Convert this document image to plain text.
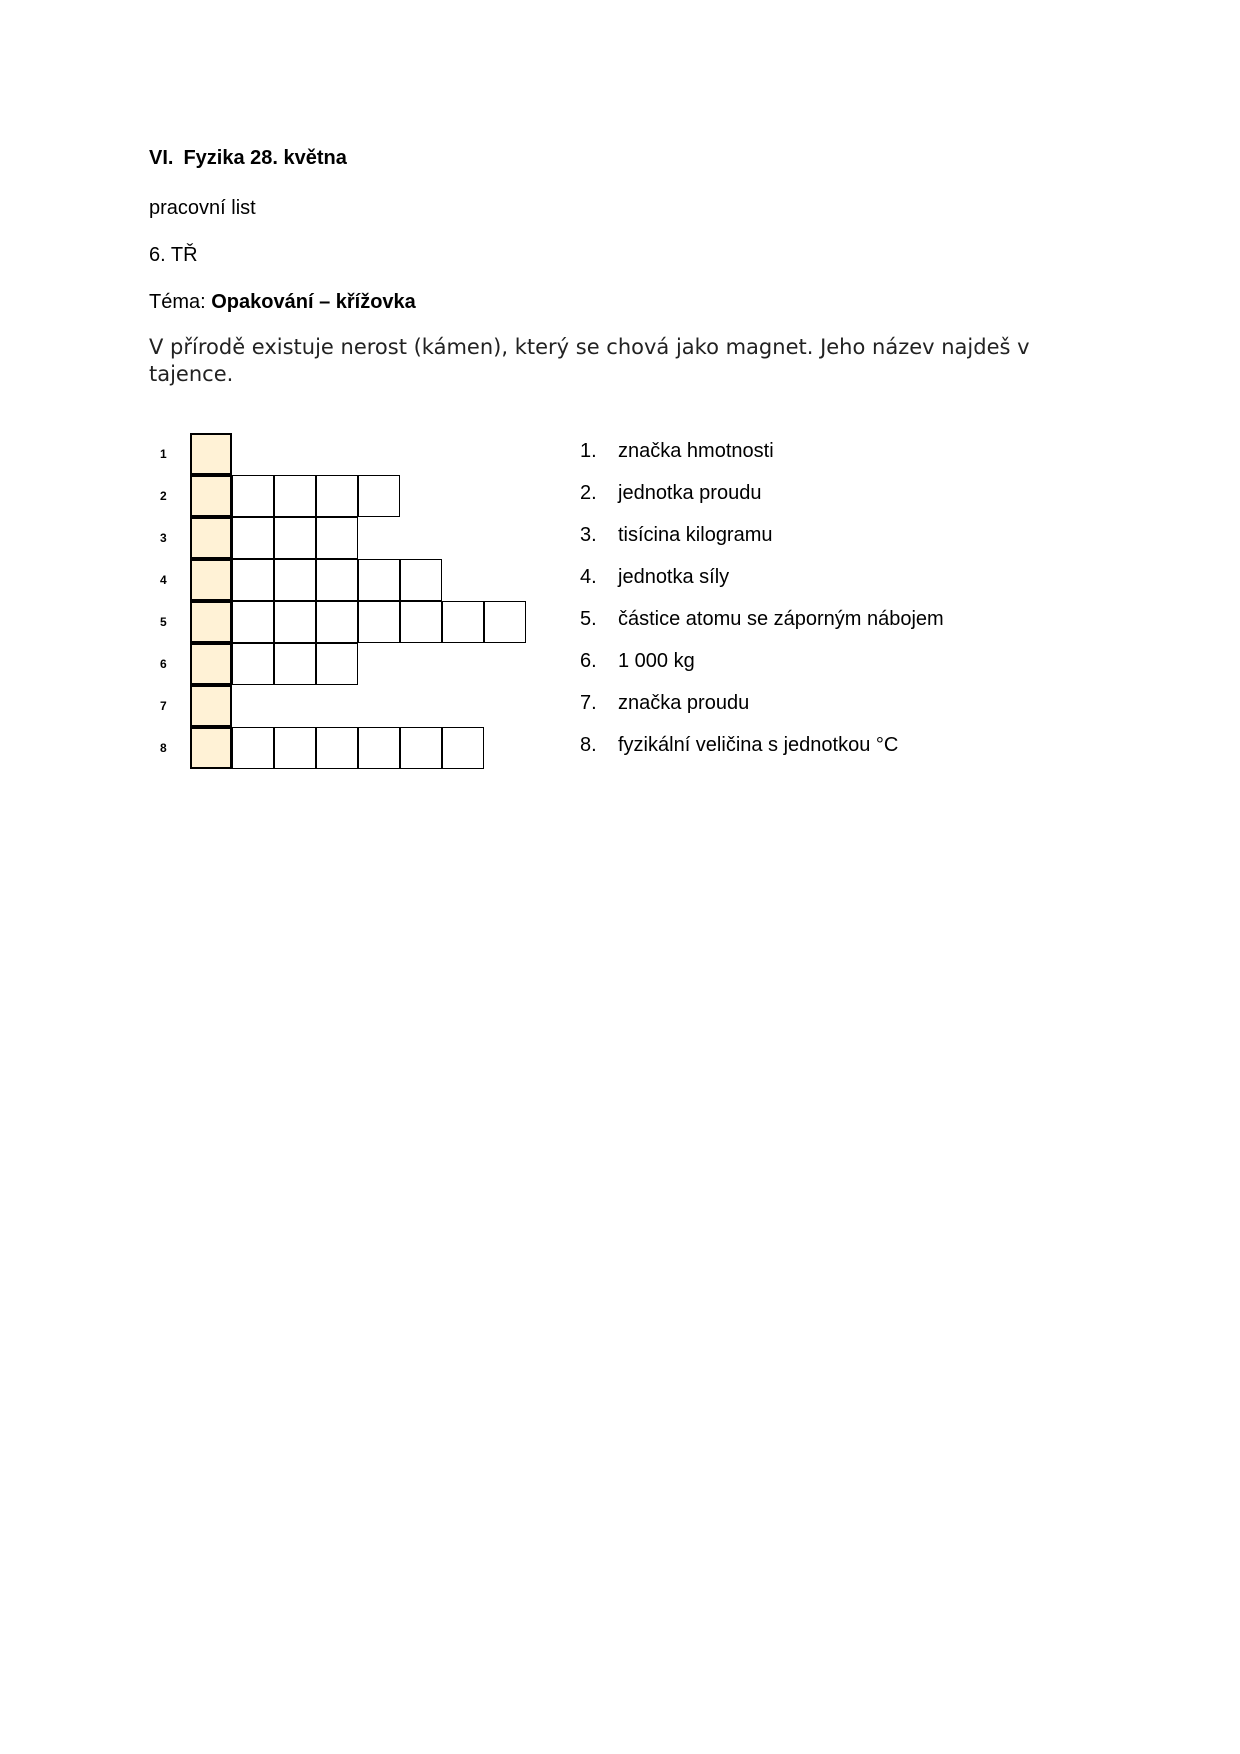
VI. Fyzika 28. května
pracovní list
6. TŘ
Téma: Opakování – křížovka
V přírodě existuje nerost (kámen), který se chová jako magnet. Jeho název najdeš v tajence.
1
2
3
4
5
6
7
8
1. značka hmotnosti
2. jednotka proudu
3. tisícina kilogramu
4. jednotka síly
5. částice atomu se záporným nábojem
6. 1 000 kg
7. značka proudu
8. fyzikální veličina s jednotkou °C
